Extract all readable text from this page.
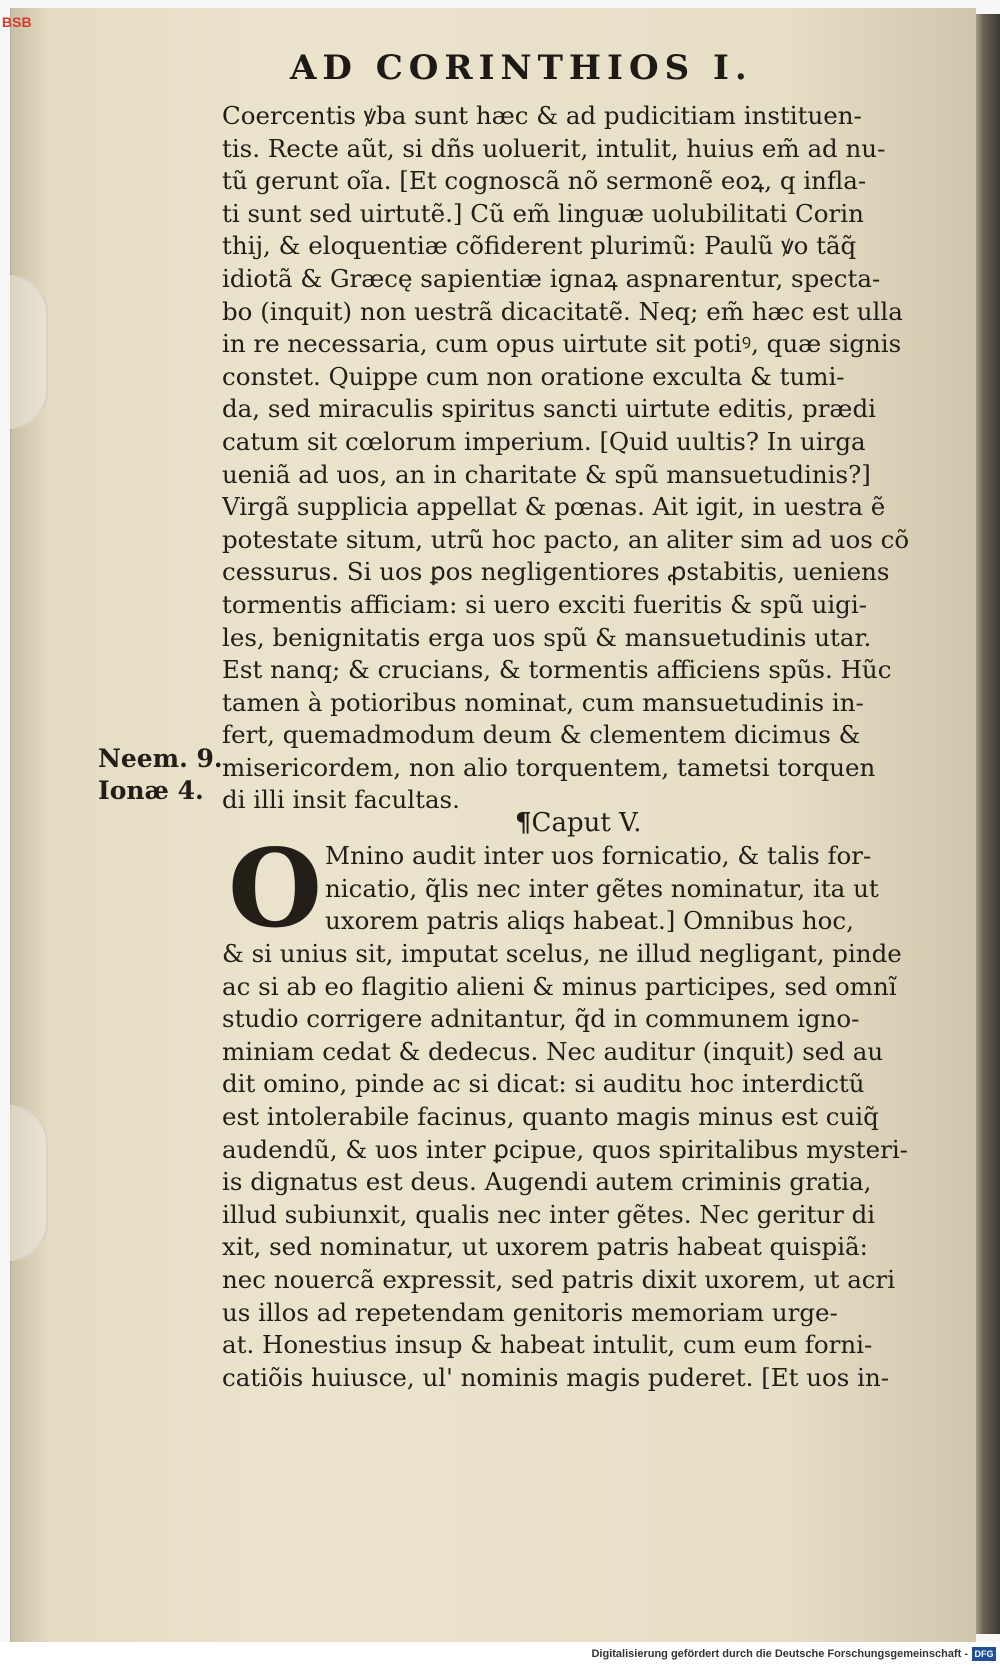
BSB
AD CORINTHIOS I.
Coercentis ꝟba sunt hæc & ad pudicitiam instituen-
tis. Recte aũt, si dñs uoluerit, intulit, huius em̃ ad nu-
tũ gerunt oĩa. [Et cognoscã nõ sermonẽ eoꝝ, q infla-
ti sunt sed uirtutẽ.] Cũ em̃ linguæ uolubilitati Corin
thij, & eloquentiæ cõfiderent plurimũ: Paulũ ꝟo tãq̃
idiotã & Græcę sapientiæ ignaꝝ aspnarentur, specta-
bo (inquit) non uestrã dicacitatẽ. Neq; em̃ hæc est ulla
in re necessaria, cum opus uirtute sit potiꝰ, quæ signis
constet. Quippe cum non oratione exculta & tumi-
da, sed miraculis spiritus sancti uirtute editis, prædi
catum sit cœlorum imperium. [Quid uultis? In uirga
ueniã ad uos, an in charitate & spũ mansuetudinis?]
Virgã supplicia appellat & pœnas. Ait igit, in uestra ẽ
potestate situm, utrũ hoc pacto, an aliter sim ad uos cõ
cessurus. Si uos ꝑos negligentiores ꝓstabitis, ueniens
tormentis afficiam: si uero exciti fueritis & spũ uigi-
les, benignitatis erga uos spũ & mansuetudinis utar.
Est nanq; & crucians, & tormentis afficiens spũs. Hũc
tamen à potioribus nominat, cum mansuetudinis in-
fert, quemadmodum deum & clementem dicimus &
misericordem, non alio torquentem, tametsi torquen
di illi insit facultas.
Neem. 9.
Ionæ 4.
¶Caput V.
O Mnino audit inter uos fornicatio, & talis for-
nicatio, q̃lis nec inter gẽtes nominatur, ita ut
uxorem patris aliqs habeat.] Omnibus hoc,
& si unius sit, imputat scelus, ne illud negligant, pinde
ac si ab eo flagitio alieni & minus participes, sed omnĩ
studio corrigere adnitantur, q̃d in communem igno-
miniam cedat & dedecus. Nec auditur (inquit) sed au
dit omino, pinde ac si dicat: si auditu hoc interdictũ
est intolerabile facinus, quanto magis minus est cuiq̃
audendũ, & uos inter ꝑcipue, quos spiritalibus mysteri-
is dignatus est deus. Augendi autem criminis gratia,
illud subiunxit, qualis nec inter gẽtes. Nec geritur di
xit, sed nominatur, ut uxorem patris habeat quispiã:
nec nouercã expressit, sed patris dixit uxorem, ut acri
us illos ad repetendam genitoris memoriam urge-
at. Honestius insup & habeat intulit, cum eum forni-
catiõis huiusce, ul' nominis magis puderet. [Et uos in-
Digitalisierung gefördert durch die Deutsche Forschungsgemeinschaft - DFG
